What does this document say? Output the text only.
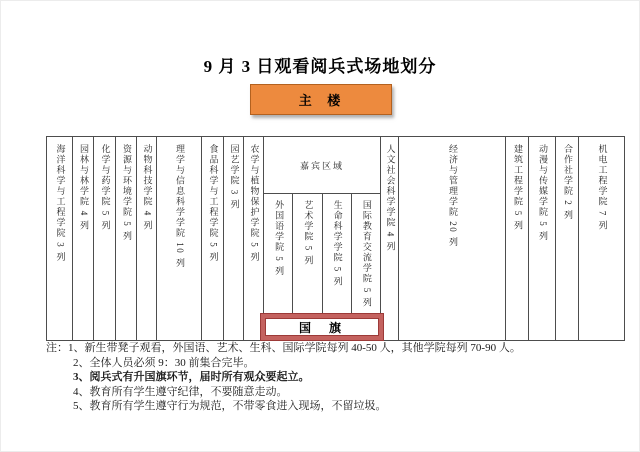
9 月 3 日观看阅兵式场地划分
主  楼
海洋科学与工程学院 3 列 园林与林学院 4 列 化学与药学院 5 列 资源与环境学院 5 列 动物科技学院 4 列	理学与信息科学学院 10 列	食品科学与工程学院 5 列 园艺学院 3 列 农学与植物保护学院 5 列	嘉宾区域
外国语学院 5 列 艺术学院 5 列 生命科学学院 5 列 国际教育交流学院 5 列
国  旗
人文社会科学学院 4 列	经济与管理学院 20 列	建筑工程学院 5 列 动漫与传媒学院 5 列 合作社学院 2 列	机电工程学院 7 列
注： 1、新生带凳子观看，外国语、艺术、生科、国际学院每列 40-50 人，其他学院每列 70-90 人。
2、全体人员必须 9：30 前集合完毕。
3、阅兵式有升国旗环节，届时所有观众要起立。
4、教育所有学生遵守纪律，不要随意走动。
5、教育所有学生遵守行为规范，不带零食进入现场，不留垃圾。
